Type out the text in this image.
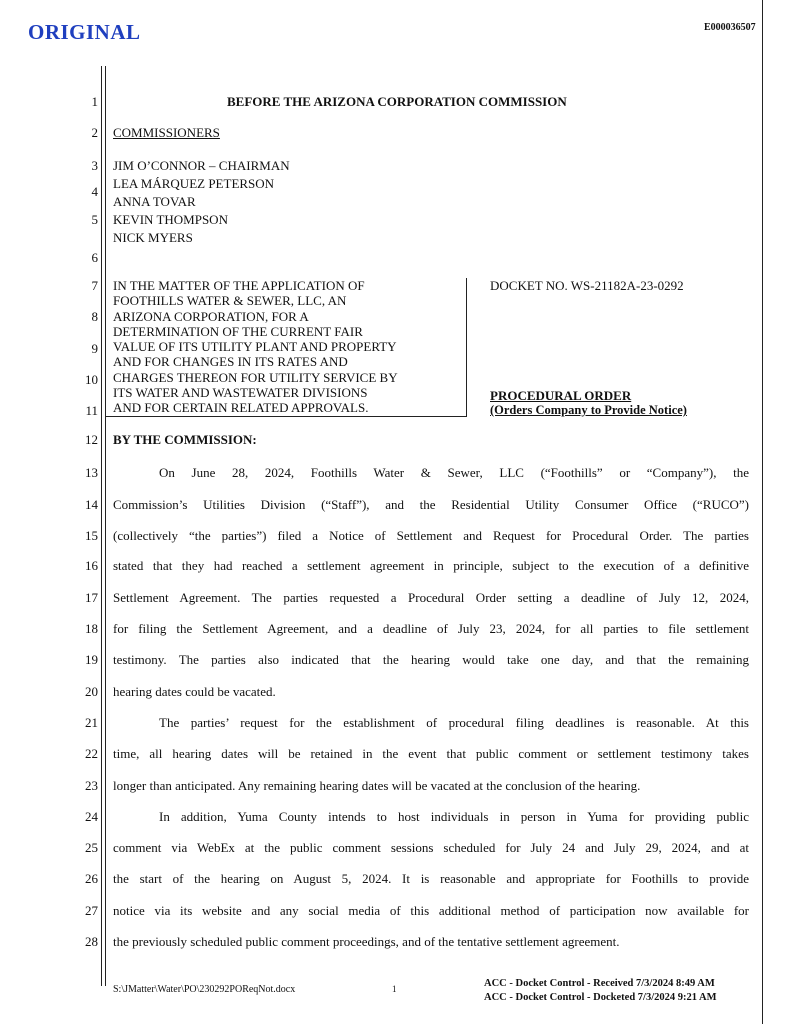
ORIGINAL	E000036507
1
2
3
4
5
6
7
8
9
10
11
12
13
14
15
16
17
18
19
20
21
22
23
24
25
26
27
28
BEFORE THE ARIZONA CORPORATION COMMISSION
COMMISSIONERS
JIM O’CONNOR – CHAIRMAN
LEA MÁRQUEZ PETERSON
ANNA TOVAR
KEVIN THOMPSON
NICK MYERS
IN THE MATTER OF THE APPLICATION OF
FOOTHILLS WATER & SEWER, LLC, AN
ARIZONA CORPORATION, FOR A
DETERMINATION OF THE CURRENT FAIR
VALUE OF ITS UTILITY PLANT AND PROPERTY
AND FOR CHANGES IN ITS RATES AND
CHARGES THEREON FOR UTILITY SERVICE BY
ITS WATER AND WASTEWATER DIVISIONS
AND FOR CERTAIN RELATED APPROVALS.
DOCKET NO. WS-21182A-23-0292
PROCEDURAL ORDER
(Orders Company to Provide Notice)
BY THE COMMISSION:
On June 28, 2024, Foothills Water & Sewer, LLC (“Foothills” or “Company”), the
Commission’s Utilities Division (“Staff”), and the Residential Utility Consumer Office (“RUCO”)
(collectively “the parties”) filed a Notice of Settlement and Request for Procedural Order. The parties
stated that they had reached a settlement agreement in principle, subject to the execution of a definitive
Settlement Agreement. The parties requested a Procedural Order setting a deadline of July 12, 2024,
for filing the Settlement Agreement, and a deadline of July 23, 2024, for all parties to file settlement
testimony. The parties also indicated that the hearing would take one day, and that the remaining
hearing dates could be vacated.
The parties’ request for the establishment of procedural filing deadlines is reasonable. At this
time, all hearing dates will be retained in the event that public comment or settlement testimony takes
longer than anticipated. Any remaining hearing dates will be vacated at the conclusion of the hearing.
In addition, Yuma County intends to host individuals in person in Yuma for providing public
comment via WebEx at the public comment sessions scheduled for July 24 and July 29, 2024, and at
the start of the hearing on August 5, 2024. It is reasonable and appropriate for Foothills to provide
notice via its website and any social media of this additional method of participation now available for
the previously scheduled public comment proceedings, and of the tentative settlement agreement.
S:\JMatter\Water\PO\230292POReqNot.docx	1	ACC - Docket Control - Received 7/3/2024 8:49 AM
ACC - Docket Control - Docketed 7/3/2024 9:21 AM
